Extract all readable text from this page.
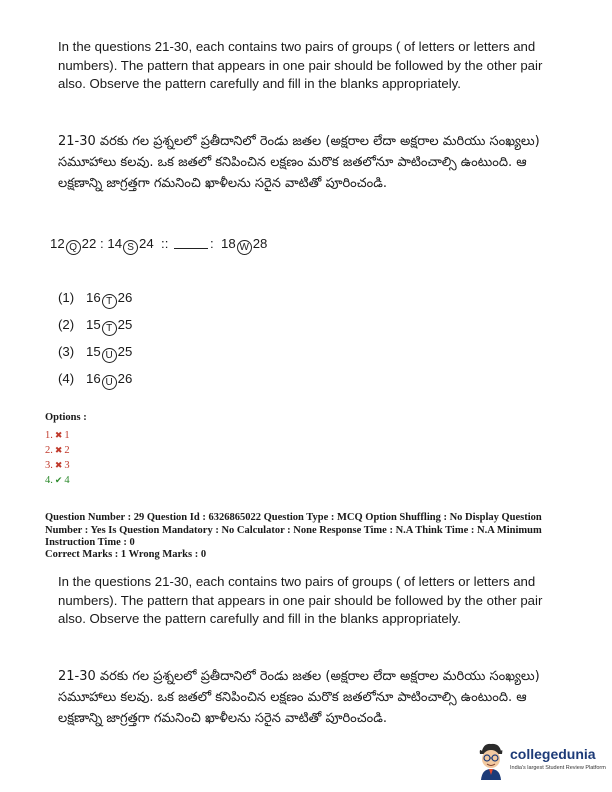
In the questions 21-30, each contains two pairs of groups ( of letters or letters and numbers). The pattern that appears in one pair should be followed by the other pair also. Observe the pattern carefully and fill in the blanks appropriately.
21-30 వరకు గల ప్రశ్నలలో ప్రతీదానిలో రెండు జతల (అక్షరాల లేదా అక్షరాల మరియు సంఖ్యలు) సమూహాలు కలవు. ఒక జతలో కనిపించిన లక్షణం మరొక జతలోనూ పాటించాల్సి ఉంటుంది. ఆ లక్షణాన్ని జాగ్రత్తగా గమనించి ఖాళీలను సరైన వాటితో పూరించండి.
12 Q 22 : 14 S 24 ::	: 18 W 28
(1) 16 T 26
(2) 15 T 25
(3) 15 U 25
(4) 16 U 26
Options :
1. ✖ 1
2. ✖ 2
3. ✖ 3
4. ✔ 4
Question Number : 29 Question Id : 6326865022 Question Type : MCQ Option Shuffling : No Display Question Number : Yes Is Question Mandatory : No Calculator : None Response Time : N.A Think Time : N.A Minimum Instruction Time : 0
Correct Marks : 1 Wrong Marks : 0
In the questions 21-30, each contains two pairs of groups ( of letters or letters and numbers). The pattern that appears in one pair should be followed by the other pair also. Observe the pattern carefully and fill in the blanks appropriately.
21-30 వరకు గల ప్రశ్నలలో ప్రతీదానిలో రెండు జతల (అక్షరాల లేదా అక్షరాల మరియు సంఖ్యలు) సమూహాలు కలవు. ఒక జతలో కనిపించిన లక్షణం మరొక జతలోనూ పాటించాల్సి ఉంటుంది. ఆ లక్షణాన్ని జాగ్రత్తగా గమనించి ఖాళీలను సరైన వాటితో పూరించండి.
collegedunia
India's largest Student Review Platform
